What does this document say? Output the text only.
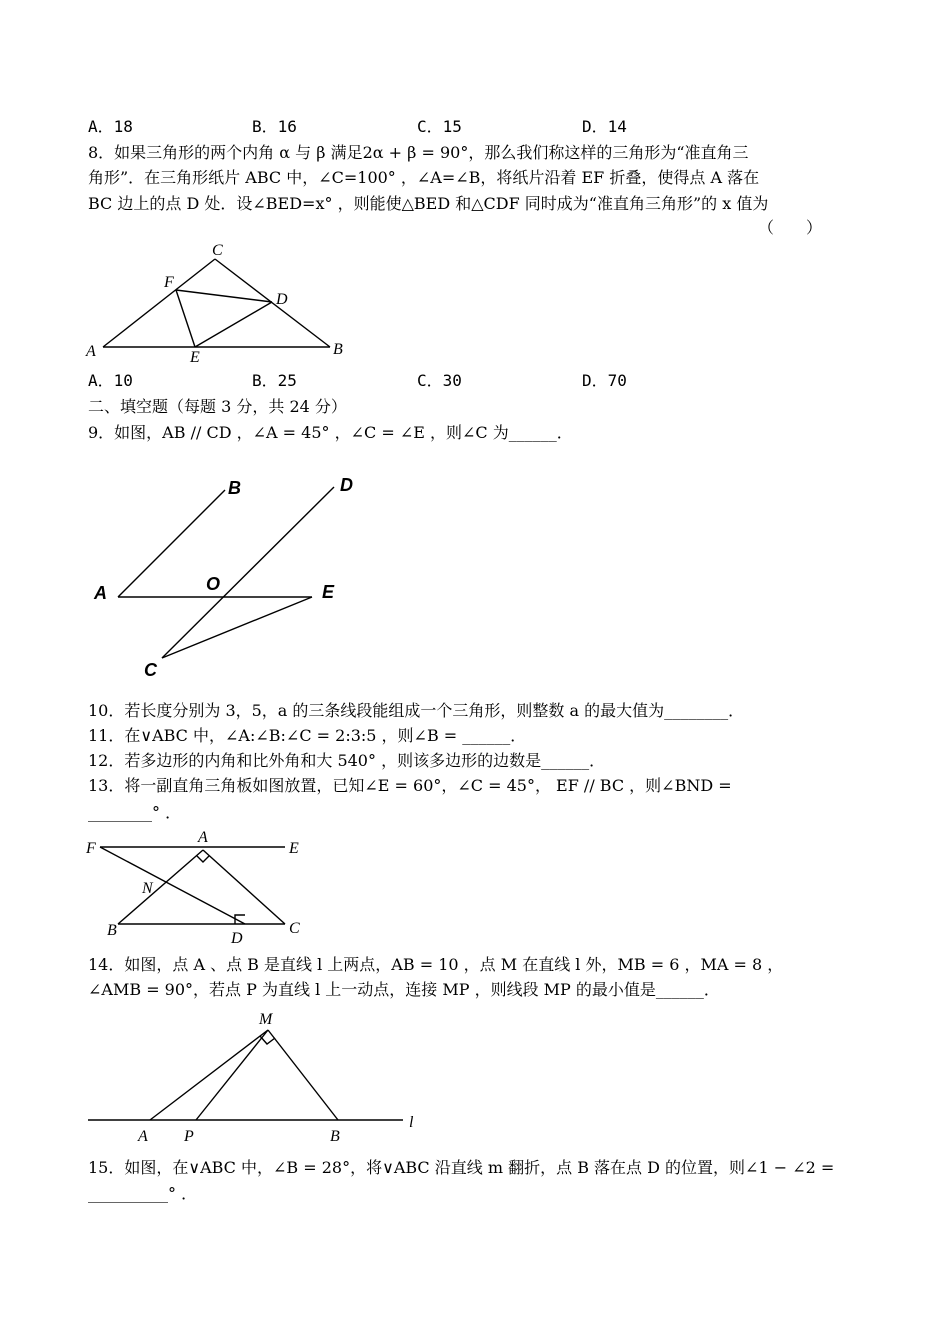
A．18	B．16	C．15	D．14
8．如果三角形的两个内角 α 与 β 满足2α + β = 90°，那么我们称这样的三角形为“准直角三
角形”．在三角形纸片 ABC 中，∠C=100° ，∠A=∠B，将纸片沿着 EF 折叠，使得点 A 落在
BC 边上的点 D 处．设∠BED=x° ，则能使△BED 和△CDF 同时成为“准直角三角形”的 x 值为
（　　）
C
F
D
A	E	B
A．10	B．25	C．30	D．70
二、填空题（每题 3 分，共 24 分）
9．如图，AB // CD ，∠A = 45° ，∠C = ∠E ，则∠C 为______．
B	D
A	O	E
C
10．若长度分别为 3，5，a 的三条线段能组成一个三角形，则整数 a 的最大值为________．
11．在∨ABC 中，∠A:∠B:∠C = 2:3:5 ，则∠B = ______．
12．若多边形的内角和比外角和大 540° ，则该多边形的边数是______．
13．将一副直角三角板如图放置，已知∠E = 60°，∠C = 45°， EF // BC ，则∠BND =
________° ．
F
A
E
N
B	D
C
14．如图，点 A 、点 B 是直线 l 上两点，AB = 10 ，点 M 在直线 l 外，MB = 6 ，MA = 8 ，
∠AMB = 90°，若点 P 为直线 l 上一动点，连接 MP ，则线段 MP 的最小值是______．
M
A P	B
l
15．如图，在∨ABC 中，∠B = 28°，将∨ABC 沿直线 m 翻折，点 B 落在点 D 的位置，则∠1 − ∠2 =
__________° ．
